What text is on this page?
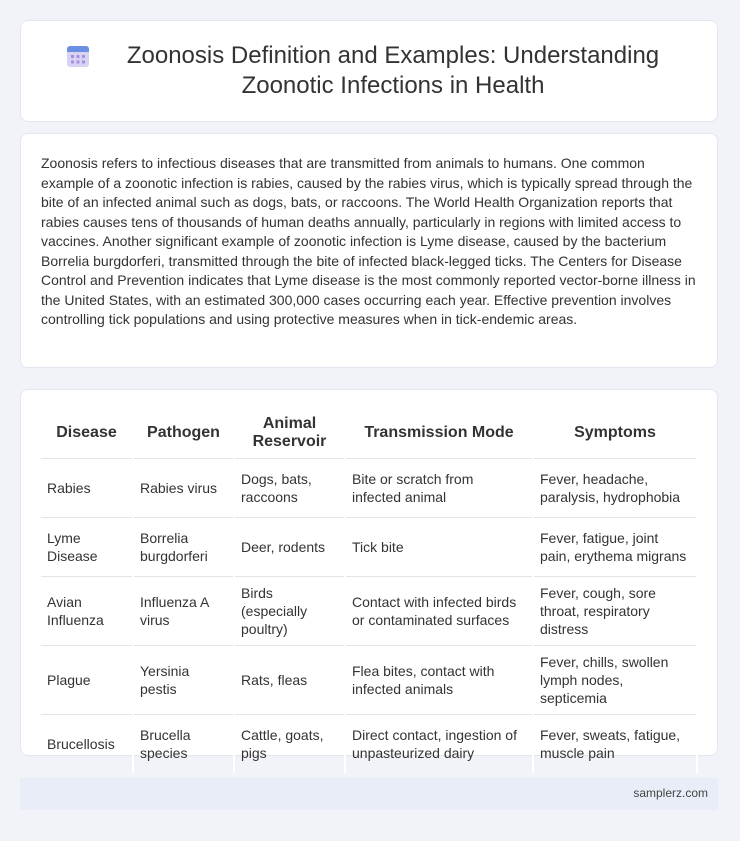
Zoonosis Definition and Examples: Understanding Zoonotic Infections in Health

Zoonosis refers to infectious diseases that are transmitted from animals to humans. One common example of a zoonotic infection is rabies, caused by the rabies virus, which is typically spread through the bite of an infected animal such as dogs, bats, or raccoons. The World Health Organization reports that rabies causes tens of thousands of human deaths annually, particularly in regions with limited access to vaccines. Another significant example of zoonotic infection is Lyme disease, caused by the bacterium Borrelia burgdorferi, transmitted through the bite of infected black-legged ticks. The Centers for Disease Control and Prevention indicates that Lyme disease is the most commonly reported vector-borne illness in the United States, with an estimated 300,000 cases occurring each year. Effective prevention involves controlling tick populations and using protective measures when in tick-endemic areas.

Disease	Pathogen	Animal Reservoir	Transmission Mode	Symptoms
Rabies	Rabies virus	Dogs, bats, raccoons	Bite or scratch from infected animal	Fever, headache, paralysis, hydrophobia
Lyme Disease	Borrelia burgdorferi	Deer, rodents	Tick bite	Fever, fatigue, joint pain, erythema migrans
Avian Influenza	Influenza A virus	Birds (especially poultry)	Contact with infected birds or contaminated surfaces	Fever, cough, sore throat, respiratory distress
Plague	Yersinia pestis	Rats, fleas	Flea bites, contact with infected animals	Fever, chills, swollen lymph nodes, septicemia
Brucellosis	Brucella species	Cattle, goats, pigs	Direct contact, ingestion of unpasteurized dairy	Fever, sweats, fatigue, muscle pain
samplerz.com
